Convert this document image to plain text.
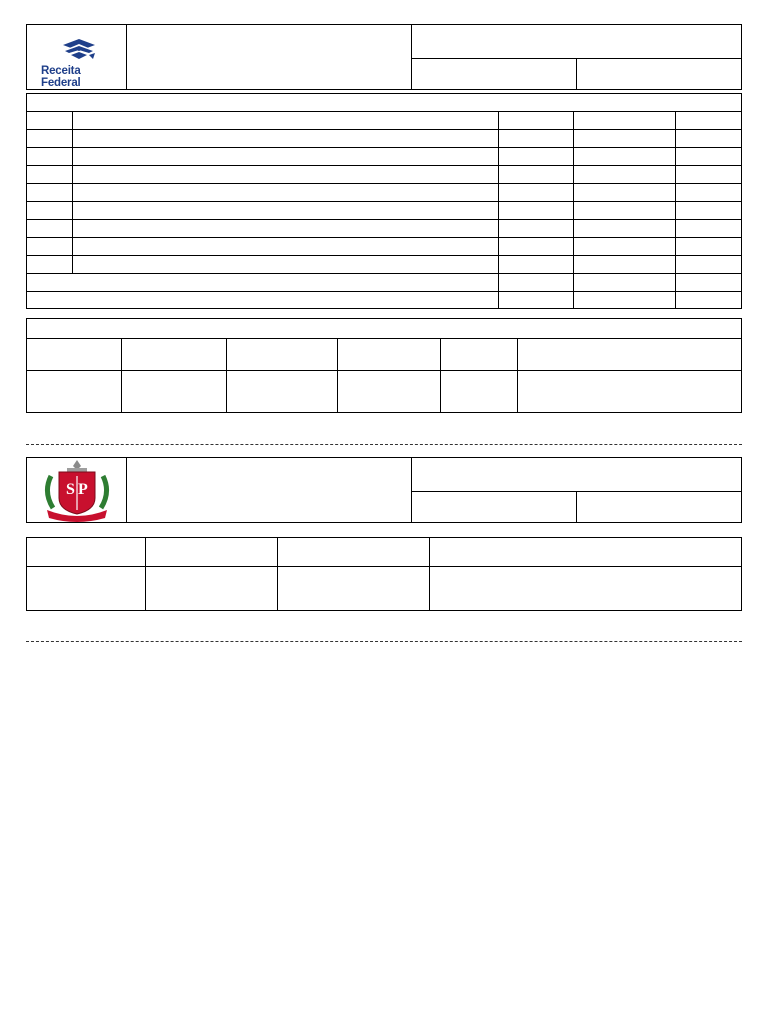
Receita Federal
S P
